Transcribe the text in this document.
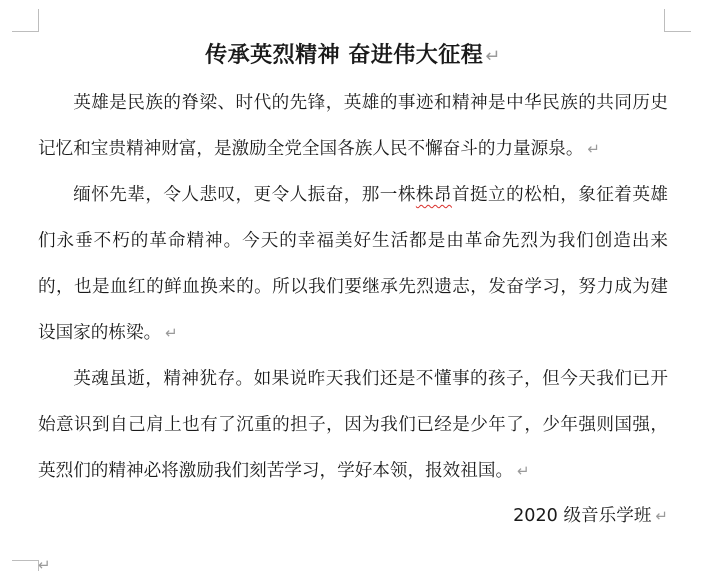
传承英烈精神 奋进伟大征程 ↵

英雄是民族的脊梁、时代的先锋，英雄的事迹和精神是中华民族的共同历史记忆和宝贵精神财富，是激励全党全国各族人民不懈奋斗的力量源泉。 ↵

缅怀先辈，令人悲叹，更令人振奋，那一株株昂首挺立的松柏，象征着英雄们永垂不朽的革命精神。今天的幸福美好生活都是由革命先烈为我们创造出来的，也是血红的鲜血换来的。所以我们要继承先烈遗志，发奋学习，努力成为建设国家的栋梁。 ↵

英魂虽逝，精神犹存。如果说昨天我们还是不懂事的孩子，但今天我们已开始意识到自己肩上也有了沉重的担子，因为我们已经是少年了，少年强则国强，英烈们的精神必将激励我们刻苦学习，学好本领，报效祖国。 ↵

2020 级音乐学班 ↵

↵
